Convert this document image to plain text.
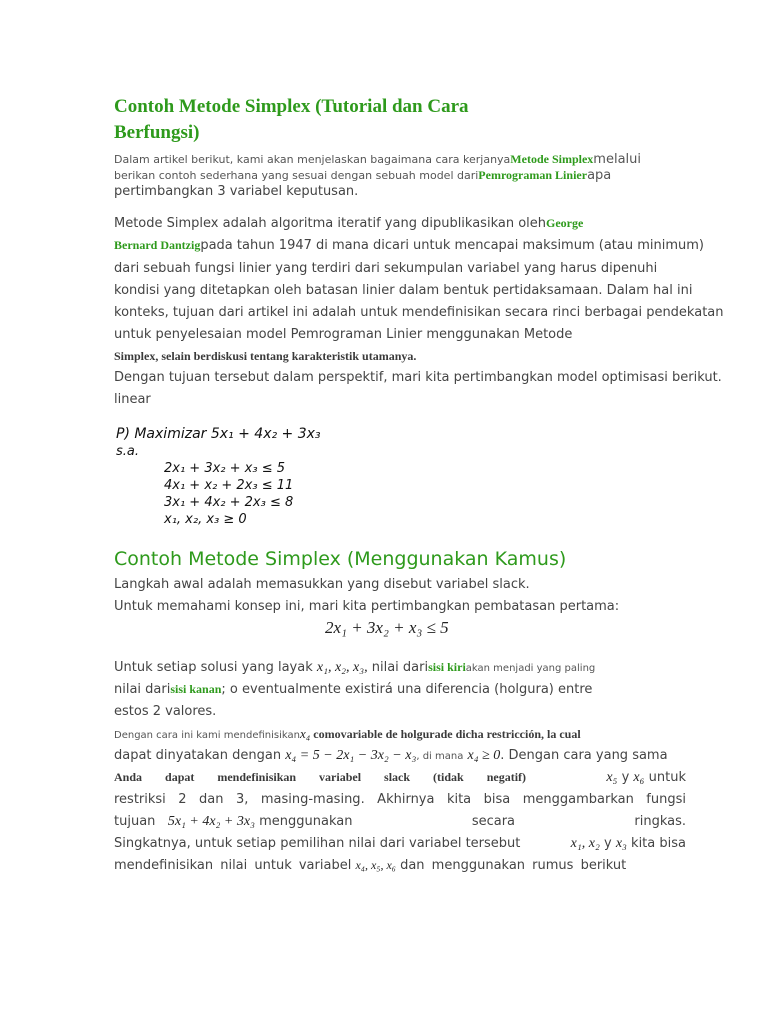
Contoh Metode Simplex (Tutorial dan Cara Berfungsi)
Dalam artikel berikut, kami akan menjelaskan bagaimana cara kerjanyaMetode Simplexmelalui
berikan contoh sederhana yang sesuai dengan sebuah model dariPemrograman Linierapa
pertimbangkan 3 variabel keputusan.
Metode Simplex adalah algoritma iteratif yang dipublikasikan olehGeorge
Bernard Dantzigpada tahun 1947 di mana dicari untuk mencapai maksimum (atau minimum)
dari sebuah fungsi linier yang terdiri dari sekumpulan variabel yang harus dipenuhi
kondisi yang ditetapkan oleh batasan linier dalam bentuk pertidaksamaan. Dalam hal ini
konteks, tujuan dari artikel ini adalah untuk mendefinisikan secara rinci berbagai pendekatan
untuk penyelesaian model Pemrograman Linier menggunakan Metode
Simplex, selain berdiskusi tentang karakteristik utamanya.
Dengan tujuan tersebut dalam perspektif, mari kita pertimbangkan model optimisasi berikut.
linear
P) Maximizar 5x₁ + 4x₂ + 3x₃
s.a.
2x₁ + 3x₂ + x₃ ≤ 5
4x₁ + x₂ + 2x₃ ≤ 11
3x₁ + 4x₂ + 2x₃ ≤ 8
x₁, x₂, x₃ ≥ 0
Contoh Metode Simplex (Menggunakan Kamus)
Langkah awal adalah memasukkan yang disebut variabel slack.
Untuk memahami konsep ini, mari kita pertimbangkan pembatasan pertama:
2x₁ + 3x₂ + x₃ ≤ 5
Untuk setiap solusi yang layak x₁, x₂, x₃, nilai darisisi kiriakan menjadi yang paling
nilai darisisi kanan; o eventualmente existirá una diferencia (holgura) entre
estos 2 valores.
Dengan cara ini kami mendefinisikanx₄ comovariable de holgurade dicha restricción, la cual
dapat dinyatakan dengan x₄ = 5 − 2x₁ − 3x₂ − x₃, di mana x₄ ≥ 0. Dengan cara yang sama
Anda dapat mendefinisikan variabel slack (tidak negatif)	x₅ y x₆ untuk
restriksi 2 dan 3, masing-masing. Akhirnya kita bisa menggambarkan fungsi
tujuan 5x₁ + 4x₂ + 3x₃ menggunakan	secara	ringkas.
Singkatnya, untuk setiap pemilihan nilai dari variabel tersebut	x₁, x₂ y x₃ kita bisa
mendefinisikan nilai untuk variabel x₄, x₅, x₆ dan menggunakan rumus berikut
